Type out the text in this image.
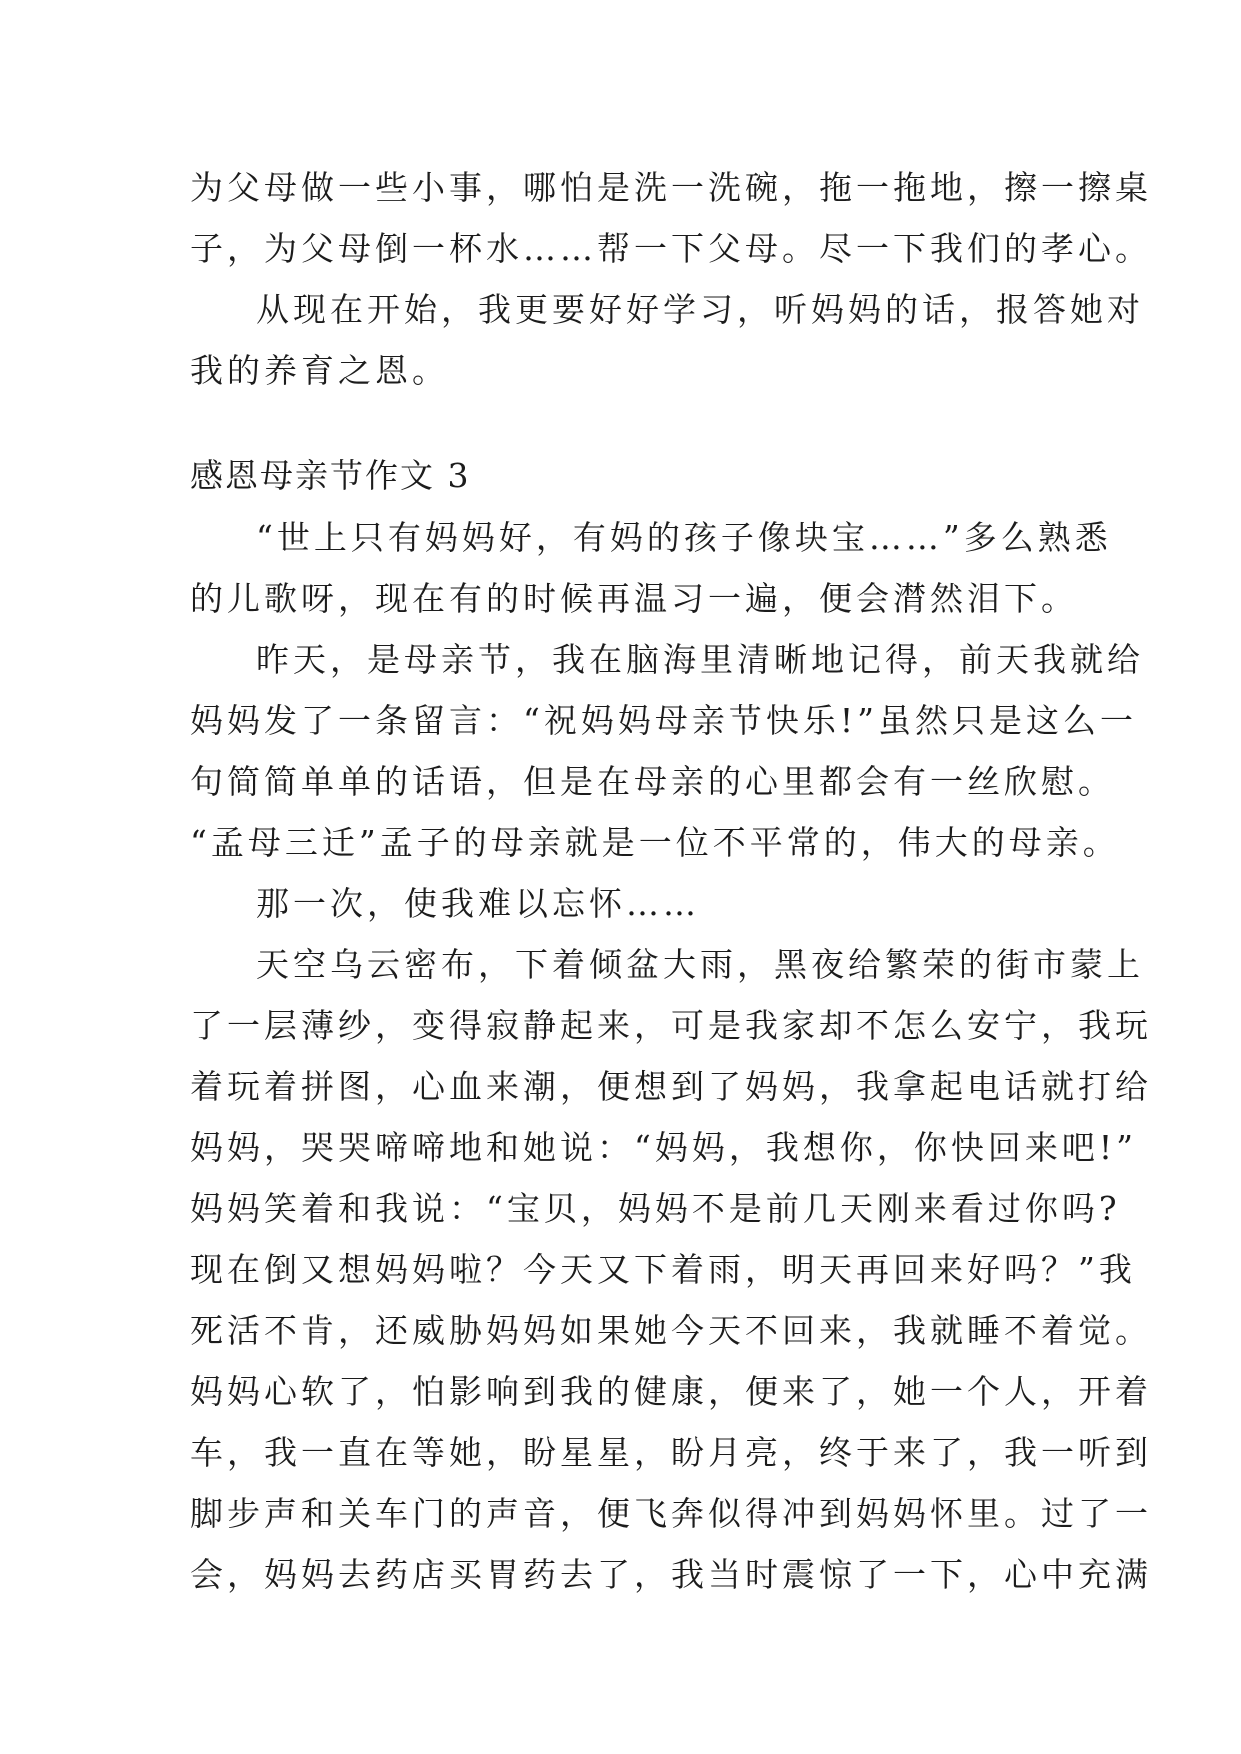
为父母做一些小事，哪怕是洗一洗碗，拖一拖地，擦一擦桌
子，为父母倒一杯水……帮一下父母。尽一下我们的孝心。
从现在开始，我更要好好学习，听妈妈的话，报答她对
我的养育之恩。
感恩母亲节作文 3
“世上只有妈妈好，有妈的孩子像块宝……”多么熟悉
的儿歌呀，现在有的时候再温习一遍，便会潸然泪下。
昨天，是母亲节，我在脑海里清晰地记得，前天我就给
妈妈发了一条留言：“祝妈妈母亲节快乐!”虽然只是这么一
句简简单单的话语，但是在母亲的心里都会有一丝欣慰。
“孟母三迁”孟子的母亲就是一位不平常的，伟大的母亲。
那一次，使我难以忘怀……
天空乌云密布，下着倾盆大雨，黑夜给繁荣的街市蒙上
了一层薄纱，变得寂静起来，可是我家却不怎么安宁，我玩
着玩着拼图，心血来潮，便想到了妈妈，我拿起电话就打给
妈妈，哭哭啼啼地和她说：“妈妈，我想你，你快回来吧!”
妈妈笑着和我说：“宝贝，妈妈不是前几天刚来看过你吗?
现在倒又想妈妈啦？今天又下着雨，明天再回来好吗？”我
死活不肯，还威胁妈妈如果她今天不回来，我就睡不着觉。
妈妈心软了，怕影响到我的健康，便来了，她一个人，开着
车，我一直在等她，盼星星，盼月亮，终于来了，我一听到
脚步声和关车门的声音，便飞奔似得冲到妈妈怀里。过了一
会，妈妈去药店买胃药去了，我当时震惊了一下，心中充满
